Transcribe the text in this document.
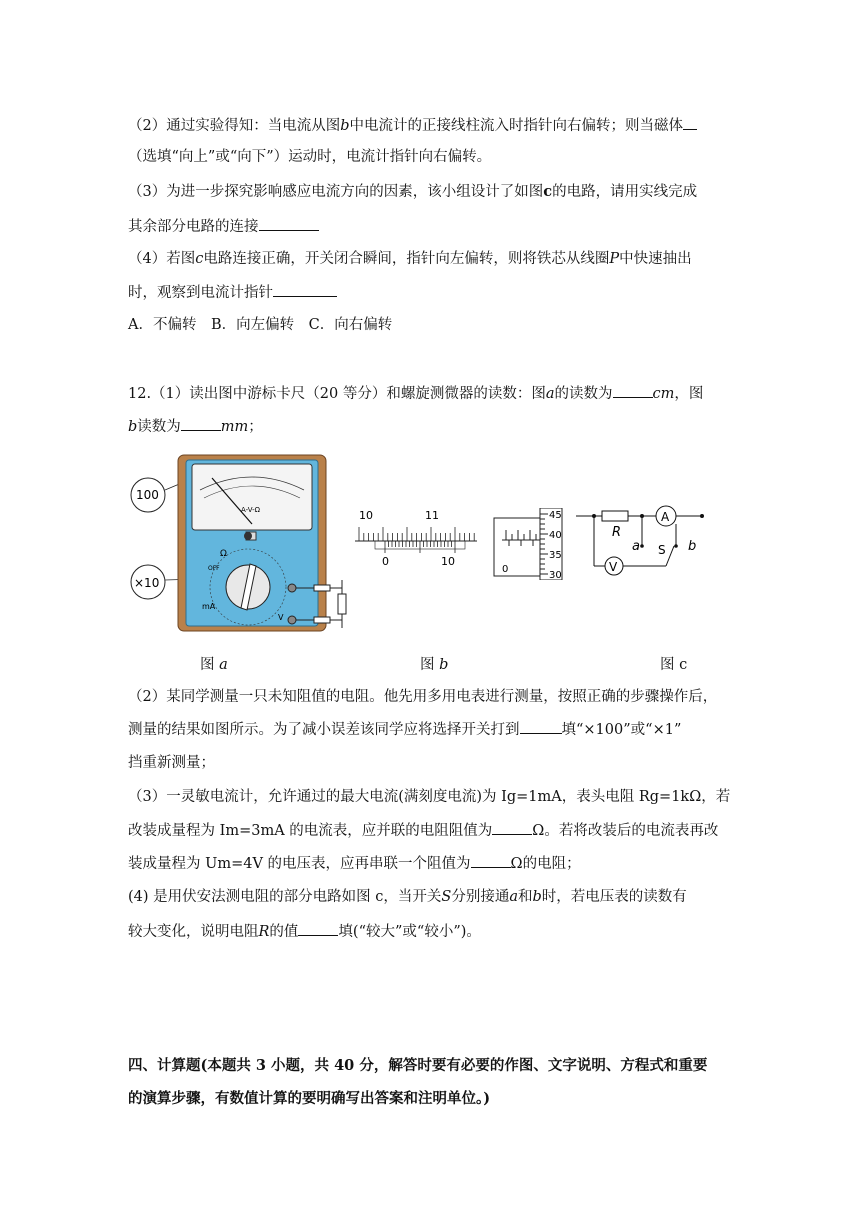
（2）通过实验得知：当电流从图b中电流计的正接线柱流入时指针向右偏转；则当磁体
（选填“向上”或“向下”）运动时，电流计指针向右偏转。
（3）为进一步探究影响感应电流方向的因素，该小组设计了如图c的电路，请用实线完成
其余部分电路的连接
（4）若图c电路连接正确，开关闭合瞬间，指针向左偏转，则将铁芯从线圈P中快速抽出
时，观察到电流计指针
A．不偏转　B．向左偏转　C．向右偏转
12.（1）读出图中游标卡尺（20 等分）和螺旋测微器的读数：图a的读数为	cm，图
b读数为	mm；
100
×10
A-V-Ω
Ω
OFF
mA
V
10	11
0	10
0
45
40
35
30
R
A
V
a	b
S
图 a	图 b	图 c
（2）某同学测量一只未知阻值的电阻。他先用多用电表进行测量，按照正确的步骤操作后，
测量的结果如图所示。为了减小误差该同学应将选择开关打到	填“×100”或“×1”
挡重新测量；
（3）一灵敏电流计，允许通过的最大电流(满刻度电流)为 Ig=1mA，表头电阻 Rg=1kΩ，若
改装成量程为 Im=3mA 的电流表，应并联的电阻阻值为	Ω。若将改装后的电流表再改
装成量程为 Um=4V 的电压表，应再串联一个阻值为	Ω的电阻；
(4) 是用伏安法测电阻的部分电路如图 c，当开关S分别接通a和b时，若电压表的读数有
较大变化，说明电阻R的值	填(“较大”或“较小”)。
四、计算题(本题共 3 小题，共 40 分，解答时要有必要的作图、文字说明、方程式和重要
的演算步骤，有数值计算的要明确写出答案和注明单位。)
